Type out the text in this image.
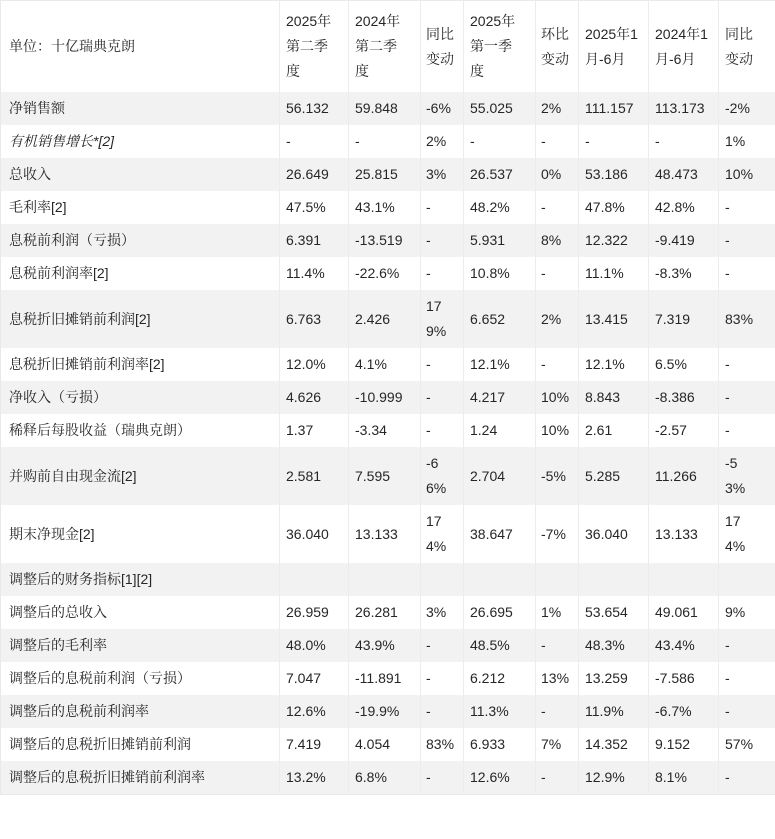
单位：十亿瑞典克朗	2025年第二季度	2024年第二季度	同比变动	2025年第一季度	环比变动	2025年1月-6月	2024年1月-6月	同比变动
净销售额	56.132	59.848	-6%	55.025	2%	111.157	113.173	-2%
有机销售增长*[2]	-	-	2%	-	-	-	-	1%
总收入	26.649	25.815	3%	26.537	0%	53.186	48.473	10%
毛利率[2]	47.5%	43.1%	-	48.2%	-	47.8%	42.8%	-
息税前利润（亏损）	6.391	-13.519	-	5.931	8%	12.322	-9.419	-
息税前利润率[2]	11.4%	-22.6%	-	10.8%	-	11.1%	-8.3%	-
息税折旧摊销前利润[2]	6.763	2.426	179%	6.652	2%	13.415	7.319	83%
息税折旧摊销前利润率[2]	12.0%	4.1%	-	12.1%	-	12.1%	6.5%	-
净收入（亏损）	4.626	-10.999	-	4.217	10%	8.843	-8.386	-
稀释后每股收益（瑞典克朗）	1.37	-3.34	-	1.24	10%	2.61	-2.57	-
并购前自由现金流[2]	2.581	7.595	-66%	2.704	-5%	5.285	11.266	-53%
期末净现金[2]	36.040	13.133	174%	38.647	-7%	36.040	13.133	174%
调整后的财务指标[1][2]								
调整后的总收入	26.959	26.281	3%	26.695	1%	53.654	49.061	9%
调整后的毛利率	48.0%	43.9%	-	48.5%	-	48.3%	43.4%	-
调整后的息税前利润（亏损）	7.047	-11.891	-	6.212	13%	13.259	-7.586	-
调整后的息税前利润率	12.6%	-19.9%	-	11.3%	-	11.9%	-6.7%	-
调整后的息税折旧摊销前利润	7.419	4.054	83%	6.933	7%	14.352	9.152	57%
调整后的息税折旧摊销前利润率	13.2%	6.8%	-	12.6%	-	12.9%	8.1%	-
